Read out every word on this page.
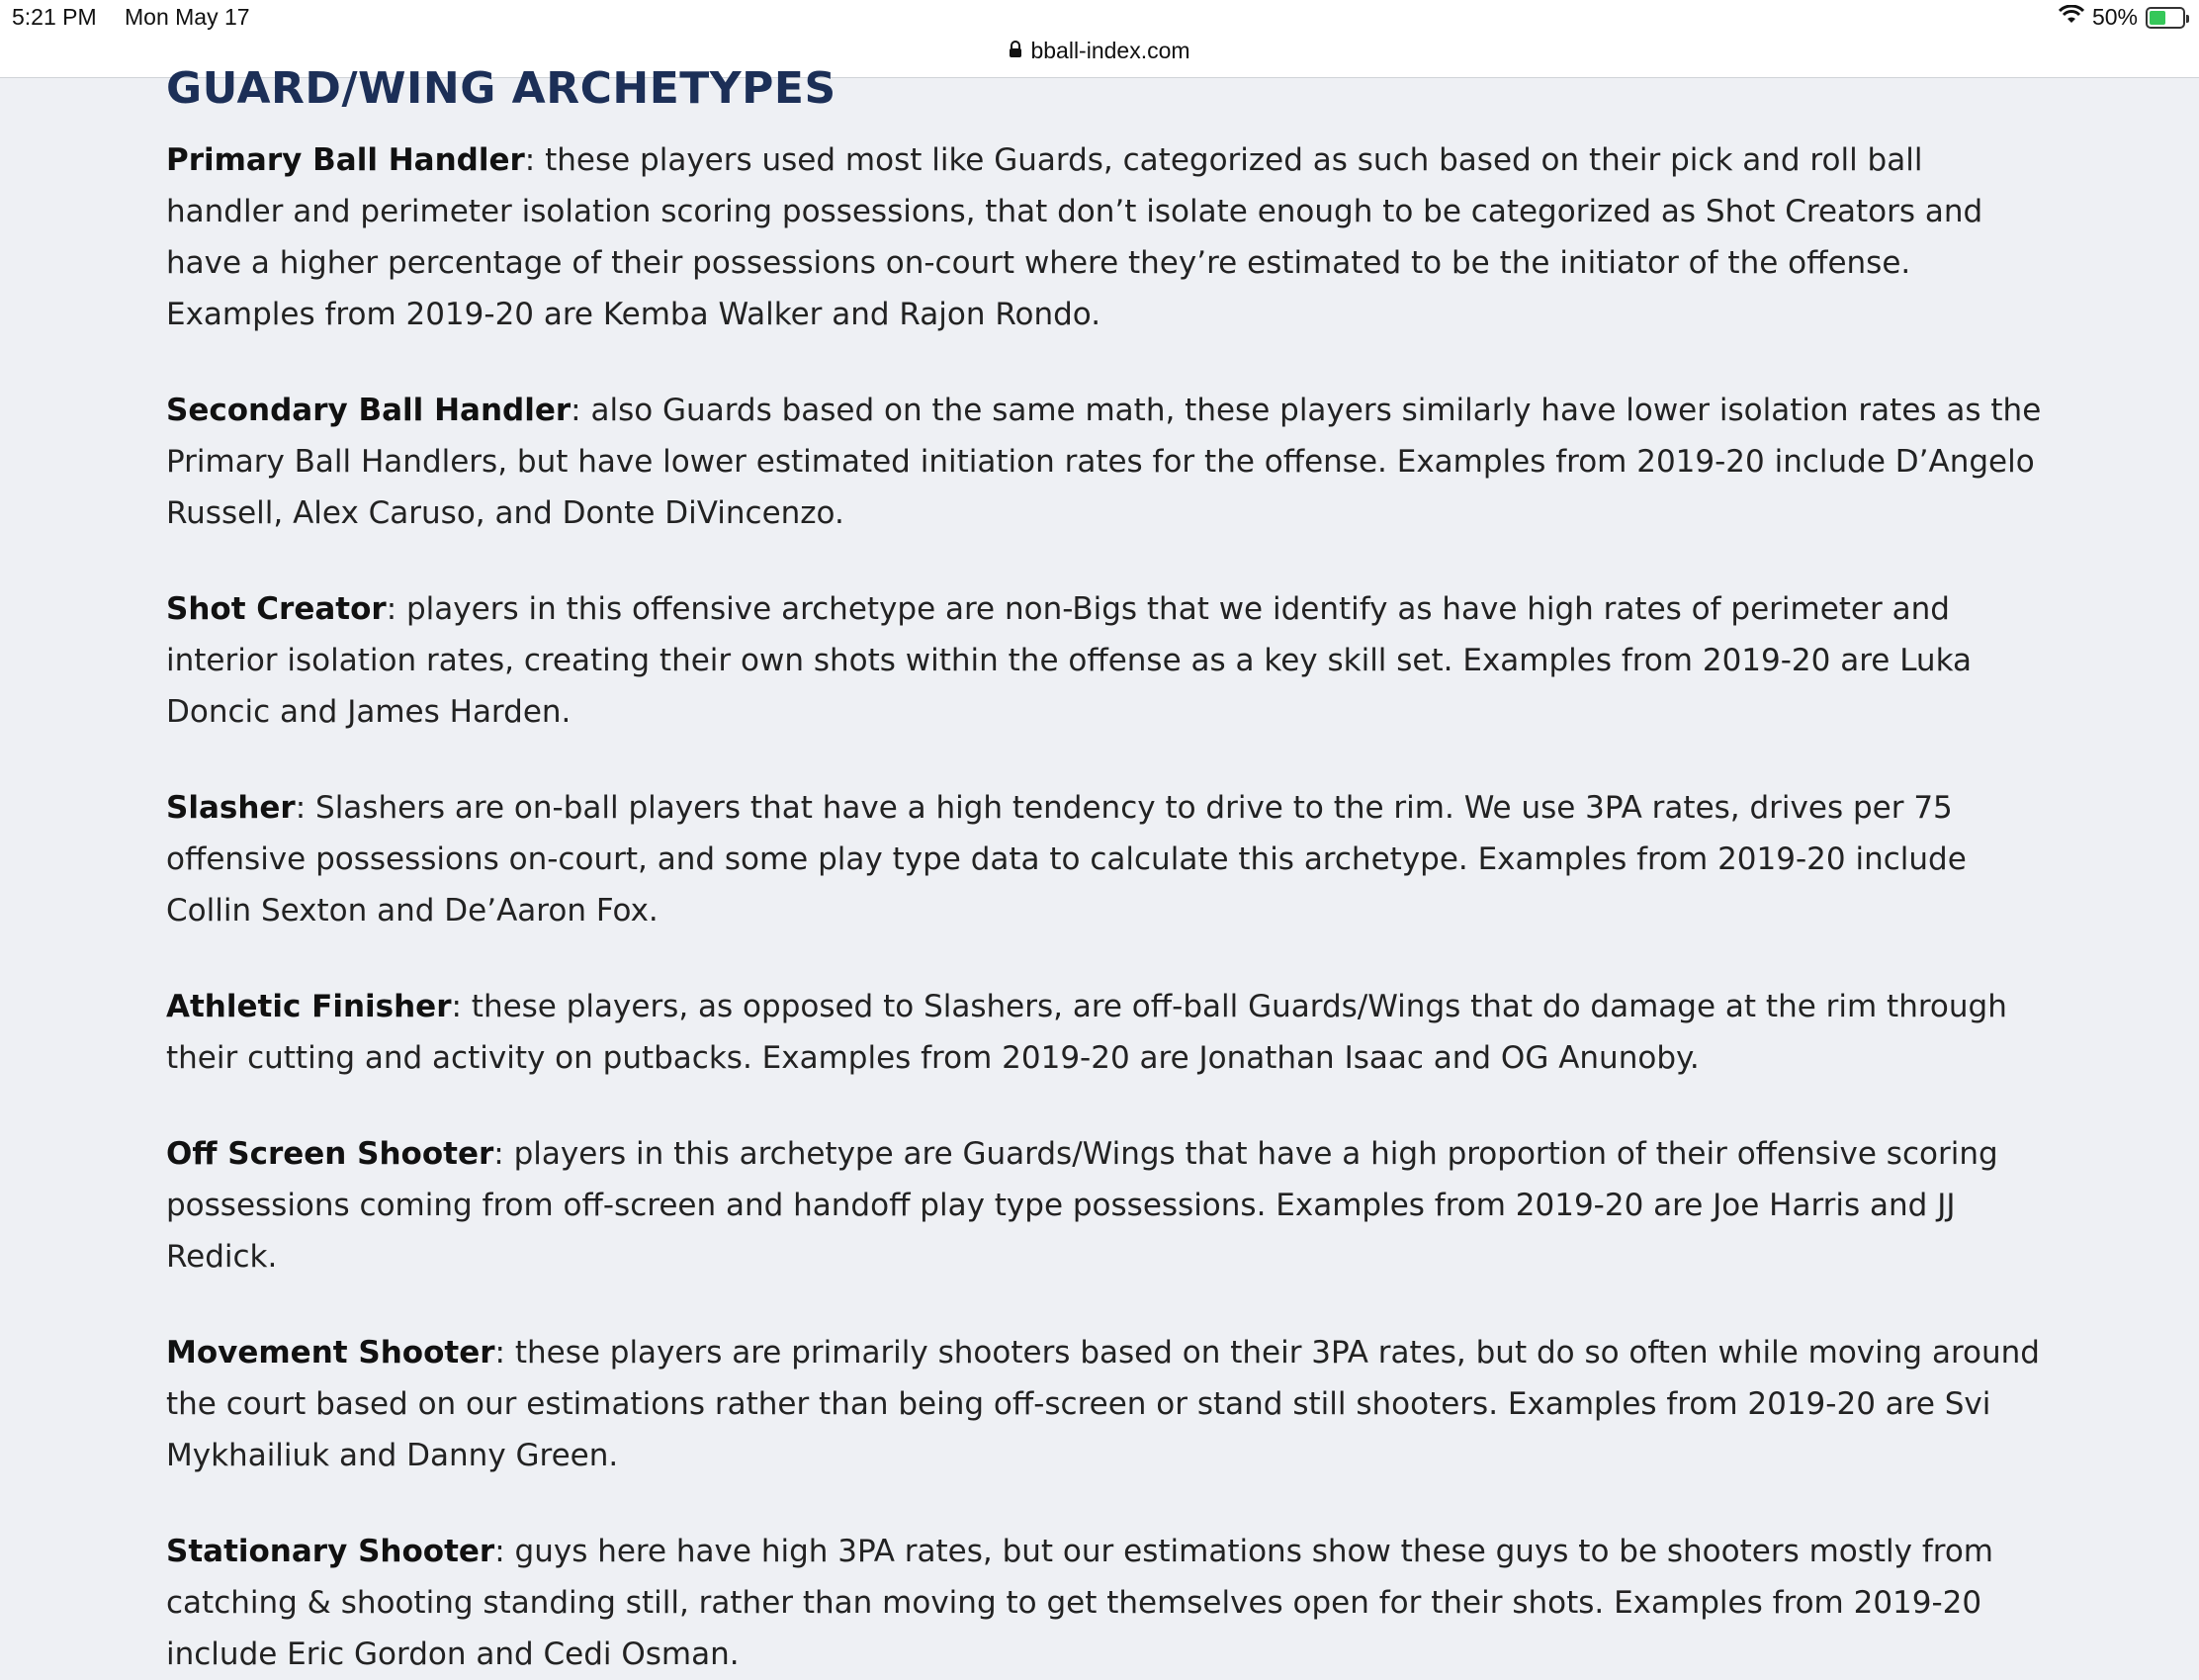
5:21 PM Mon May 17	50%
bball-index.com
GUARD/WING ARCHETYPES

Primary Ball Handler: these players used most like Guards, categorized as such based on their pick and roll ball handler and perimeter isolation scoring possessions, that don’t isolate enough to be categorized as Shot Creators and have a higher percentage of their possessions on-court where they’re estimated to be the initiator of the offense. Examples from 2019-20 are Kemba Walker and Rajon Rondo.

Secondary Ball Handler: also Guards based on the same math, these players similarly have lower isolation rates as the Primary Ball Handlers, but have lower estimated initiation rates for the offense. Examples from 2019-20 include D’Angelo Russell, Alex Caruso, and Donte DiVincenzo.

Shot Creator: players in this offensive archetype are non-Bigs that we identify as have high rates of perimeter and interior isolation rates, creating their own shots within the offense as a key skill set. Examples from 2019-20 are Luka Doncic and James Harden.

Slasher: Slashers are on-ball players that have a high tendency to drive to the rim. We use 3PA rates, drives per 75 offensive possessions on-court, and some play type data to calculate this archetype. Examples from 2019-20 include Collin Sexton and De’Aaron Fox.

Athletic Finisher: these players, as opposed to Slashers, are off-ball Guards/Wings that do damage at the rim through their cutting and activity on putbacks. Examples from 2019-20 are Jonathan Isaac and OG Anunoby.

Off Screen Shooter: players in this archetype are Guards/Wings that have a high proportion of their offensive scoring possessions coming from off-screen and handoff play type possessions. Examples from 2019-20 are Joe Harris and JJ Redick.

Movement Shooter: these players are primarily shooters based on their 3PA rates, but do so often while moving around the court based on our estimations rather than being off-screen or stand still shooters. Examples from 2019-20 are Svi Mykhailiuk and Danny Green.

Stationary Shooter: guys here have high 3PA rates, but our estimations show these guys to be shooters mostly from catching & shooting standing still, rather than moving to get themselves open for their shots. Examples from 2019-20 include Eric Gordon and Cedi Osman.
